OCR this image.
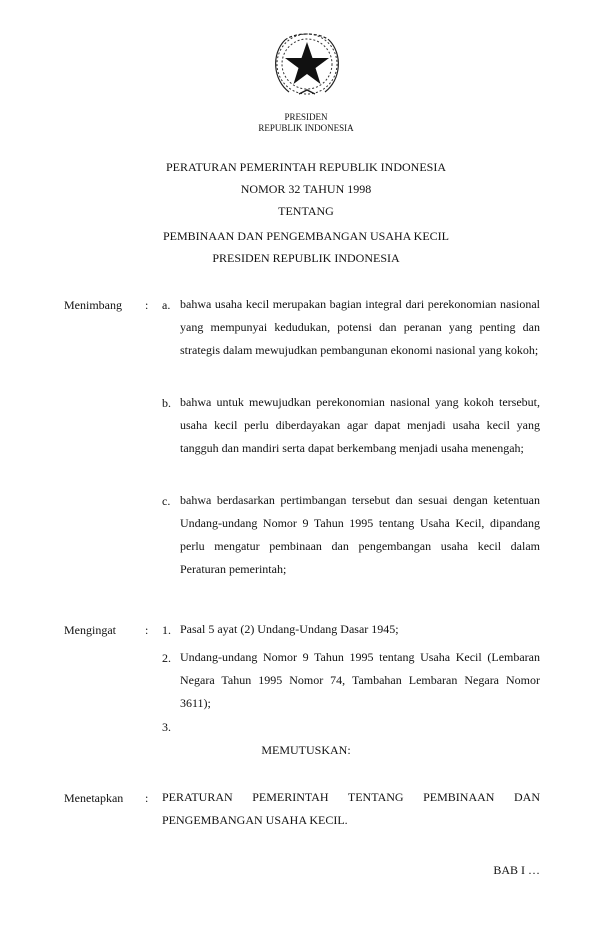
PRESIDEN
REPUBLIK INDONESIA
PERATURAN PEMERINTAH REPUBLIK INDONESIA
NOMOR 32 TAHUN 1998
TENTANG
PEMBINAAN DAN PENGEMBANGAN USAHA KECIL
PRESIDEN REPUBLIK INDONESIA
Menimbang : a. bahwa usaha kecil merupakan bagian integral dari perekonomian nasional yang mempunyai kedudukan, potensi dan peranan yang penting dan strategis dalam mewujudkan pembangunan ekonomi nasional yang kokoh;
b. bahwa untuk mewujudkan perekonomian nasional yang kokoh tersebut, usaha kecil perlu diberdayakan agar dapat menjadi usaha kecil yang tangguh dan mandiri serta dapat berkembang menjadi usaha menengah;
c. bahwa berdasarkan pertimbangan tersebut dan sesuai dengan ketentuan Undang-undang Nomor 9 Tahun 1995 tentang Usaha Kecil, dipandang perlu mengatur pembinaan dan pengembangan usaha kecil dalam Peraturan pemerintah;
Mengingat : 1. Pasal 5 ayat (2) Undang-Undang Dasar 1945;
2. Undang-undang Nomor 9 Tahun 1995 tentang Usaha Kecil (Lembaran Negara Tahun 1995 Nomor 74, Tambahan Lembaran Negara Nomor 3611);
3.
MEMUTUSKAN:
Menetapkan : PERATURAN PEMERINTAH TENTANG PEMBINAAN DAN PENGEMBANGAN USAHA KECIL.
BAB I …
